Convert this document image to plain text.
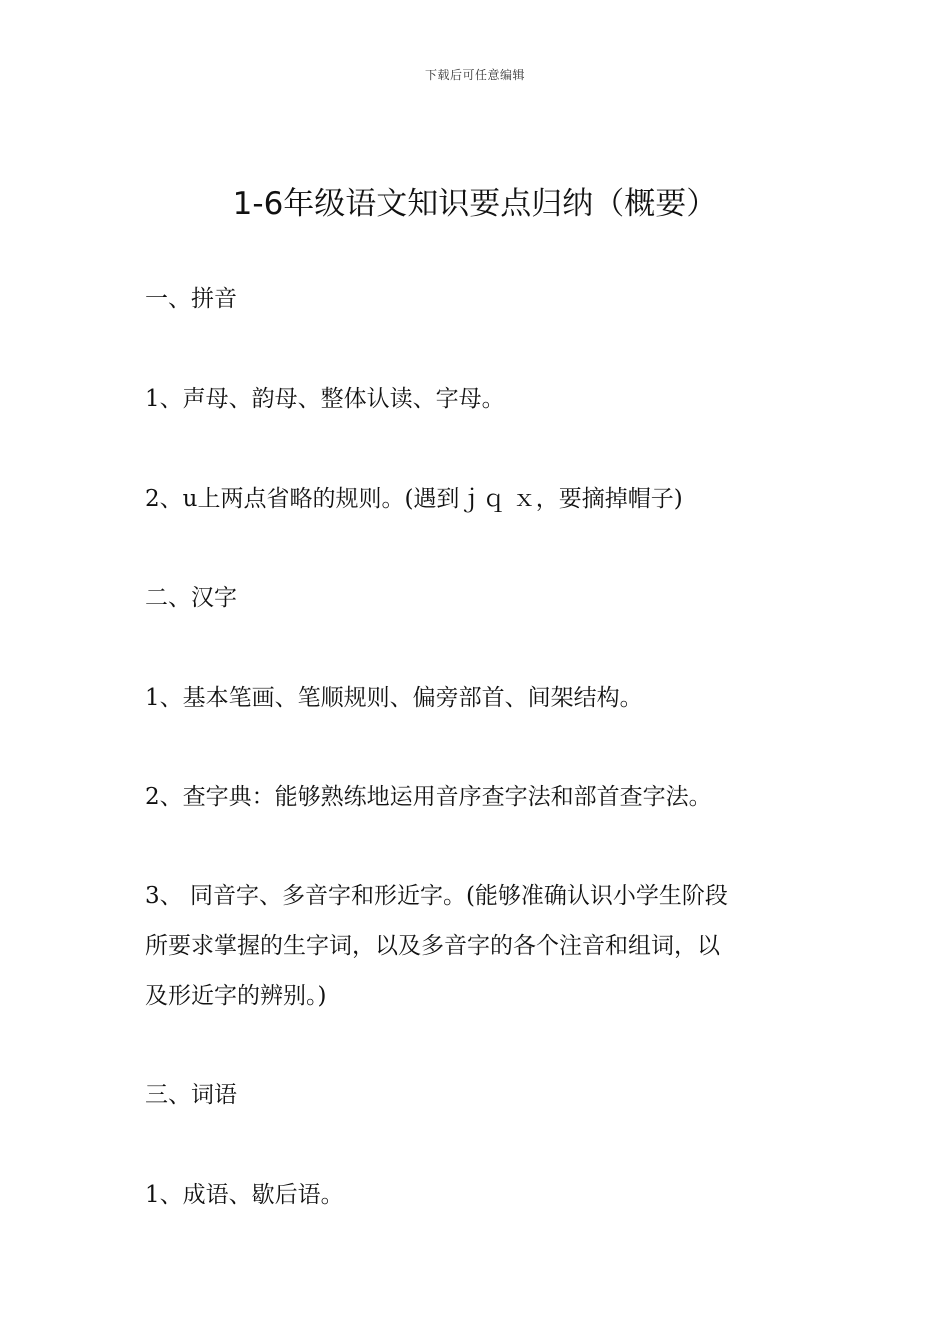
下载后可任意编辑
1-6年级语文知识要点归纳（概要）
一、拼音
1、声母、韵母、整体认读、字母。
2、u上两点省略的规则。(遇到ｊｑ ｘ，要摘掉帽子)
二、汉字
1、基本笔画、笔顺规则、偏旁部首、间架结构。
2、查字典：能够熟练地运用音序查字法和部首查字法。
3、 同音字、多音字和形近字。(能够准确认识小学生阶段
所要求掌握的生字词，以及多音字的各个注音和组词，以
及形近字的辨别。)
三、词语
1、成语、歇后语。
